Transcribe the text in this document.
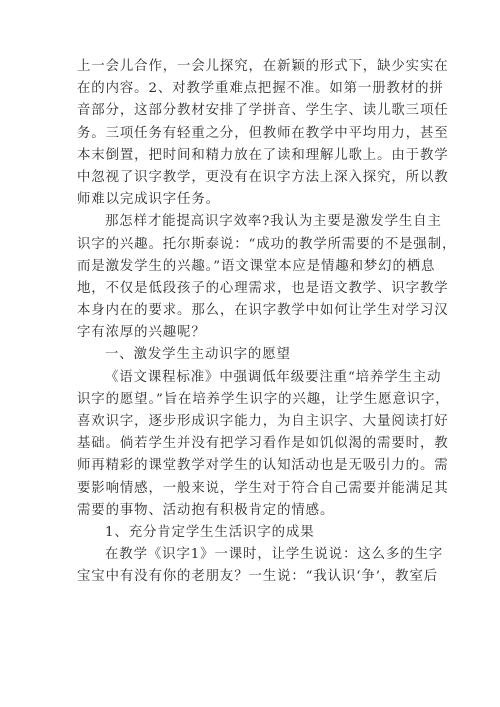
上一会儿合作，一会儿探究，在新颖的形式下，缺少实实在
在的内容。2、对教学重难点把握不准。如第一册教材的拼
音部分，这部分教材安排了学拼音、学生字、读儿歌三项任
务。三项任务有轻重之分，但教师在教学中平均用力，甚至
本末倒置，把时间和精力放在了读和理解儿歌上。由于教学
中忽视了识字教学，更没有在识字方法上深入探究，所以教
师难以完成识字任务。
那怎样才能提高识字效率?我认为主要是激发学生自主
识字的兴趣。托尔斯泰说：“成功的教学所需要的不是强制，
而是激发学生的兴趣。”语文课堂本应是情趣和梦幻的栖息
地，不仅是低段孩子的心理需求，也是语文教学、识字教学
本身内在的要求。那么，在识字教学中如何让学生对学习汉
字有浓厚的兴趣呢？
一、激发学生主动识字的愿望
《语文课程标准》中强调低年级要注重“培养学生主动
识字的愿望。”旨在培养学生识字的兴趣，让学生愿意识字，
喜欢识字，逐步形成识字能力，为自主识字、大量阅读打好
基础。倘若学生并没有把学习看作是如饥似渴的需要时，教
师再精彩的课堂教学对学生的认知活动也是无吸引力的。需
要影响情感，一般来说，学生对于符合自己需要并能满足其
需要的事物、活动抱有积极肯定的情感。
1、充分肯定学生生活识字的成果
在教学《识字1》一课时，让学生说说：这么多的生字
宝宝中有没有你的老朋友？一生说：“我认识‘争’，教室后
